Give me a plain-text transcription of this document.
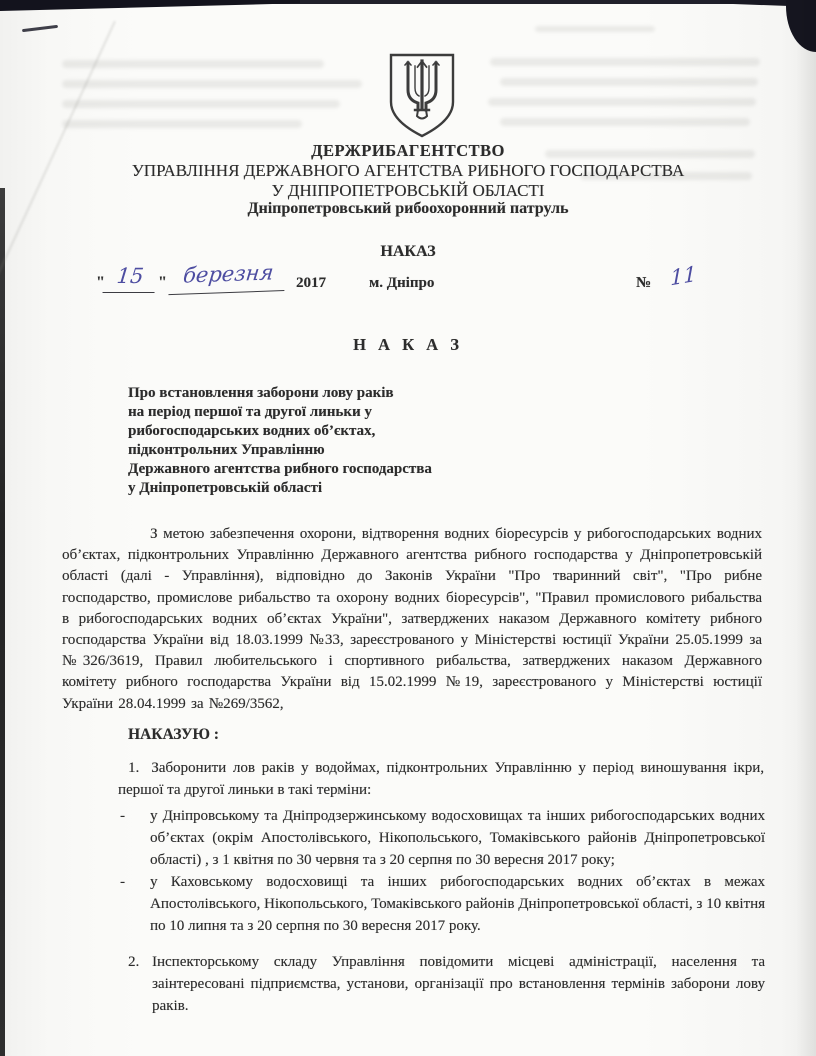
ДЕРЖРИБАГЕНТСТВО
УПРАВЛІННЯ ДЕРЖАВНОГО АГЕНТСТВА РИБНОГО ГОСПОДАРСТВА
У ДНІПРОПЕТРОВСЬКІЙ ОБЛАСТІ
Дніпропетровський рибоохоронний патруль
НАКАЗ
" 15 " березня	2017	м. Дніпро	№ 11
Н А К А З
Про встановлення заборони лову раків
на період першої та другої линьки у
рибогосподарських водних об’єктах,
підконтрольних Управлінню
Державного агентства рибного господарства
у Дніпропетровській області

З метою забезпечення охорони, відтворення водних біоресурсів у рибогосподарських водних об’єктах, підконтрольних Управлінню Державного агентства рибного господарства у Дніпропетровській області (далі - Управління), відповідно до Законів України "Про тваринний світ", "Про рибне господарство, промислове рибальство та охорону водних біоресурсів", "Правил промислового рибальства в рибогосподарських водних об’єктах України", затверджених наказом Державного комітету рибного господарства України від 18.03.1999 №33, зареєстрованого у Міністерстві юстиції України 25.05.1999 за №326/3619, Правил любительського і спортивного рибальства, затверджених наказом Державного комітету рибного господарства України від 15.02.1999 №19, зареєстрованого у Міністерстві юстиції України 28.04.1999 за №269/3562,

НАКАЗУЮ :

1. Заборонити лов раків у водоймах, підконтрольних Управлінню у період виношування ікри, першої та другої линьки в такі терміни:

- у Дніпровському та Дніпродзержинському водосховищах та інших рибогосподарських водних об’єктах (окрім Апостолівського, Нікопольського, Томаківського районів Дніпропетровської області) , з 1 квітня по 30 червня та з 20 серпня по 30 вересня 2017 року;
- у Каховському водосховищі та інших рибогосподарських водних об’єктах в межах Апостолівського, Нікопольського, Томаківського районів Дніпропетровської області, з 10 квітня по 10 липня та з 20 серпня по 30 вересня 2017 року.
2. Інспекторському складу Управління повідомити місцеві адміністрації, населення та заінтересовані підприємства, установи, організації про встановлення термінів заборони лову раків.
